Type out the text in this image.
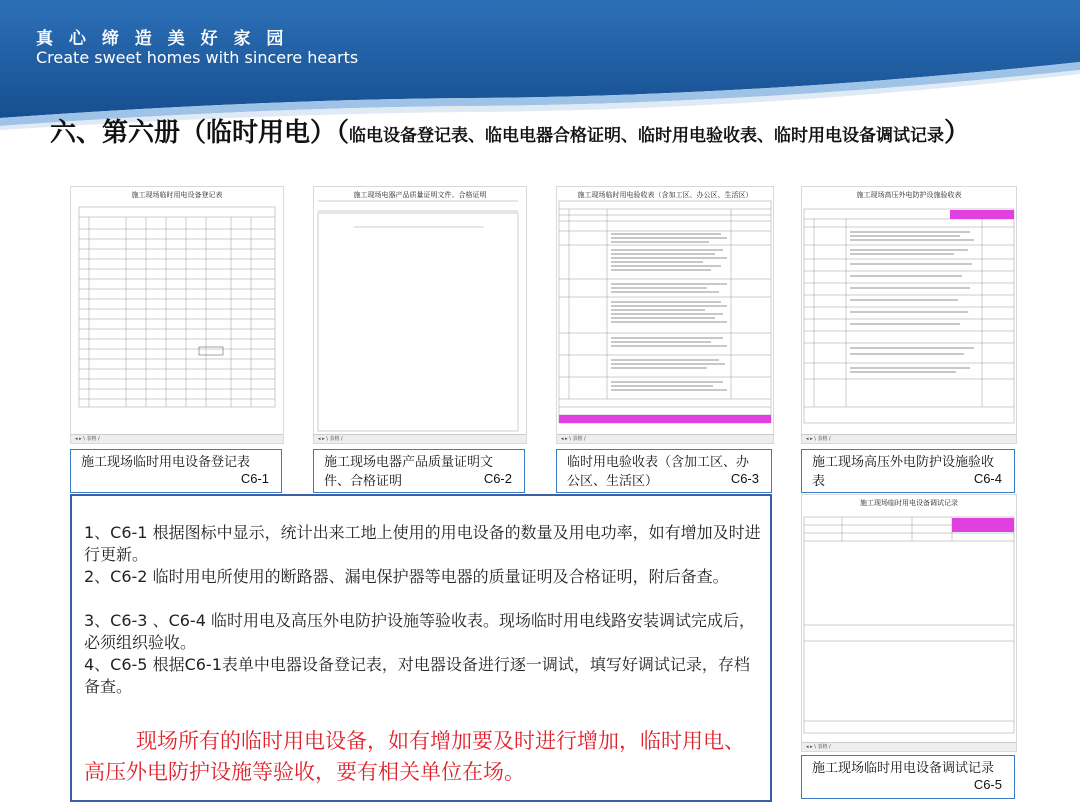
真 心 缔 造 美 好 家 园
Create sweet homes with sincere hearts
六、第六册（临时用电）（临电设备登记表、临电电器合格证明、临时用电验收表、临时用电设备调试记录）
施工现场临时用电设备登记表
◂ ▸ \ 表格 /
施工现场电器产品质量证明文件、合格证明
◂ ▸ \ 表格 /
施工现场临时用电验收表（含加工区、办公区、生活区）
◂ ▸ \ 表格 /
施工现场高压外电防护设施验收表
◂ ▸ \ 表格 /
施工现场临时用电设备调试记录
◂ ▸ \ 表格 /
施工现场临时用电设备登记表
C6-1
施工现场电器产品质量证明文件、合格证明	C6-2
临时用电验收表（含加工区、办公区、生活区）	C6-3
施工现场高压外电防护设施验收表	C6-4
施工现场临时用电设备调试记录
C6-5
1、C6-1 根据图标中显示，统计出来工地上使用的用电设备的数量及用电功率，如有增加及时进行更新。
2、C6-2 临时用电所使用的断路器、漏电保护器等电器的质量证明及合格证明，附后备查。
3、C6-3 、C6-4 临时用电及高压外电防护设施等验收表。现场临时用电线路安装调试完成后，必须组织验收。
4、C6-5 根据C6-1表单中电器设备登记表，对电器设备进行逐一调试，填写好调试记录，存档备查。
现场所有的临时用电设备，如有增加要及时进行增加，临时用电、高压外电防护设施等验收，要有相关单位在场。
